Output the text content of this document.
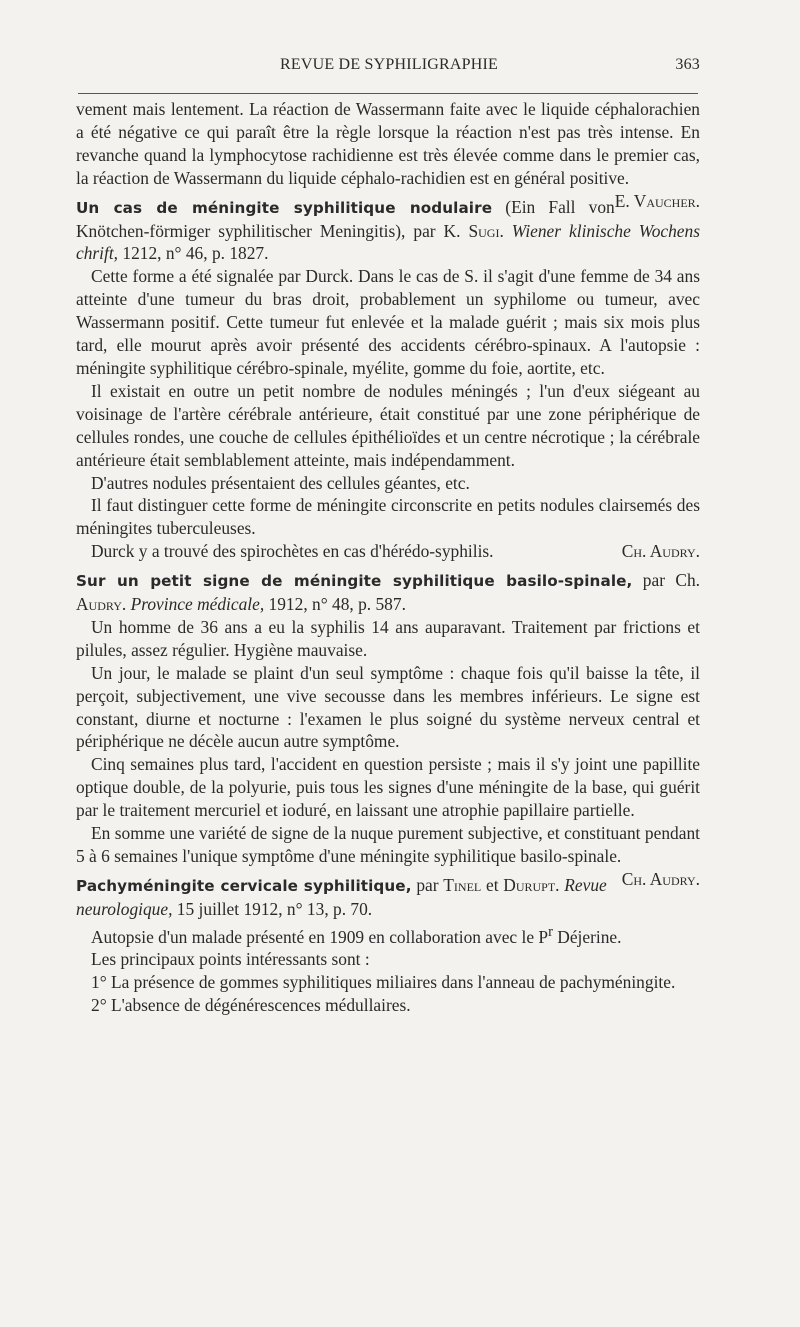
REVUE DE SYPHILIGRAPHIE	363

vement mais lentement. La réaction de Wassermann faite avec le liquide céphalorachien a été négative ce qui paraît être la règle lorsque la réaction n'est pas très intense. En revanche quand la lymphocytose rachidienne est très élevée comme dans le premier cas, la réaction de Wassermann du liquide céphalo-rachidien est en général positive.
E. Vaucher.

Un cas de méningite syphilitique nodulaire (Ein Fall von Knötchen-förmiger syphilitischer Meningitis), par K. Sugi. Wiener klinische Wochens chrift, 1212, n° 46, p. 1827.

Cette forme a été signalée par Durck. Dans le cas de S. il s'agit d'une femme de 34 ans atteinte d'une tumeur du bras droit, probablement un syphilome ou tumeur, avec Wassermann positif. Cette tumeur fut enlevée et la malade guérit ; mais six mois plus tard, elle mourut après avoir présenté des accidents cérébro-spinaux. A l'autopsie : méningite syphilitique cérébro-spinale, myélite, gomme du foie, aortite, etc.

Il existait en outre un petit nombre de nodules méningés ; l'un d'eux siégeant au voisinage de l'artère cérébrale antérieure, était constitué par une zone périphérique de cellules rondes, une couche de cellules épithélioïdes et un centre nécrotique ; la cérébrale antérieure était semblablement atteinte, mais indépendamment.

D'autres nodules présentaient des cellules géantes, etc.

Il faut distinguer cette forme de méningite circonscrite en petits nodules clairsemés des méningites tuberculeuses.

Durck y a trouvé des spirochètes en cas d'hérédo-syphilis.	Ch. Audry.

Sur un petit signe de méningite syphilitique basilo-spinale, par Ch. Audry. Province médicale, 1912, n° 48, p. 587.

Un homme de 36 ans a eu la syphilis 14 ans auparavant. Traitement par frictions et pilules, assez régulier. Hygiène mauvaise.

Un jour, le malade se plaint d'un seul symptôme : chaque fois qu'il baisse la tête, il perçoit, subjectivement, une vive secousse dans les membres inférieurs. Le signe est constant, diurne et nocturne : l'examen le plus soigné du système nerveux central et périphérique ne décèle aucun autre symptôme.

Cinq semaines plus tard, l'accident en question persiste ; mais il s'y joint une papillite optique double, de la polyurie, puis tous les signes d'une méningite de la base, qui guérit par le traitement mercuriel et ioduré, en laissant une atrophie papillaire partielle.

En somme une variété de signe de la nuque purement subjective, et constituant pendant 5 à 6 semaines l'unique symptôme d'une méningite syphilitique basilo-spinale.
Ch. Audry.

Pachyméningite cervicale syphilitique, par Tinel et Durupt. Revue neurologique, 15 juillet 1912, n° 13, p. 70.

Autopsie d'un malade présenté en 1909 en collaboration avec le $P^r$ Déjerine.

Les principaux points intéressants sont :

1° La présence de gommes syphilitiques miliaires dans l'anneau de pachyméningite.

2° L'absence de dégénérescences médullaires.
